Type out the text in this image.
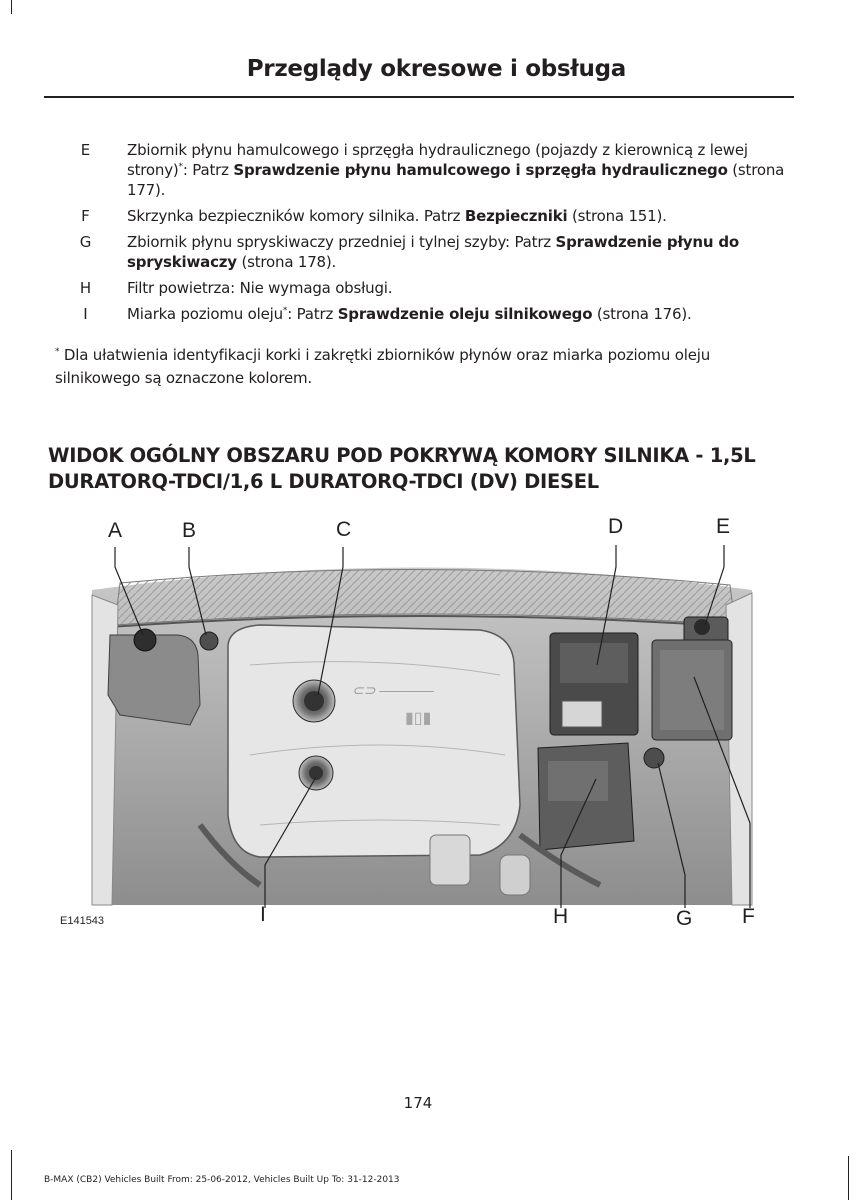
Przeglądy okresowe i obsługa
E	Zbiornik płynu hamulcowego i sprzęgła hydraulicznego (pojazdy z kierownicą z lewej strony)*: Patrz Sprawdzenie płynu hamulcowego i sprzęgła hydraulicznego (strona 177).
F	Skrzynka bezpieczników komory silnika. Patrz Bezpieczniki (strona 151).
G	Zbiornik płynu spryskiwaczy przedniej i tylnej szyby: Patrz Sprawdzenie płynu do spryskiwaczy (strona 178).
H	Filtr powietrza: Nie wymaga obsługi.
I	Miarka poziomu oleju*: Patrz Sprawdzenie oleju silnikowego (strona 176).
* Dla ułatwienia identyfikacji korki i zakrętki zbiorników płynów oraz miarka poziomu oleju silnikowego są oznaczone kolorem.
WIDOK OGÓLNY OBSZARU POD POKRYWĄ KOMORY SILNIKA - 1,5L DURATORQ-TDCI/1,6 L DURATORQ-TDCI (DV) DIESEL
⊂⊃ ‒‒‒‒‒‒‒
▮▯▮
A	B	C	D	E
I	H	G F
E141543
174
B-MAX (CB2) Vehicles Built From: 25-06-2012, Vehicles Built Up To: 31-12-2013
